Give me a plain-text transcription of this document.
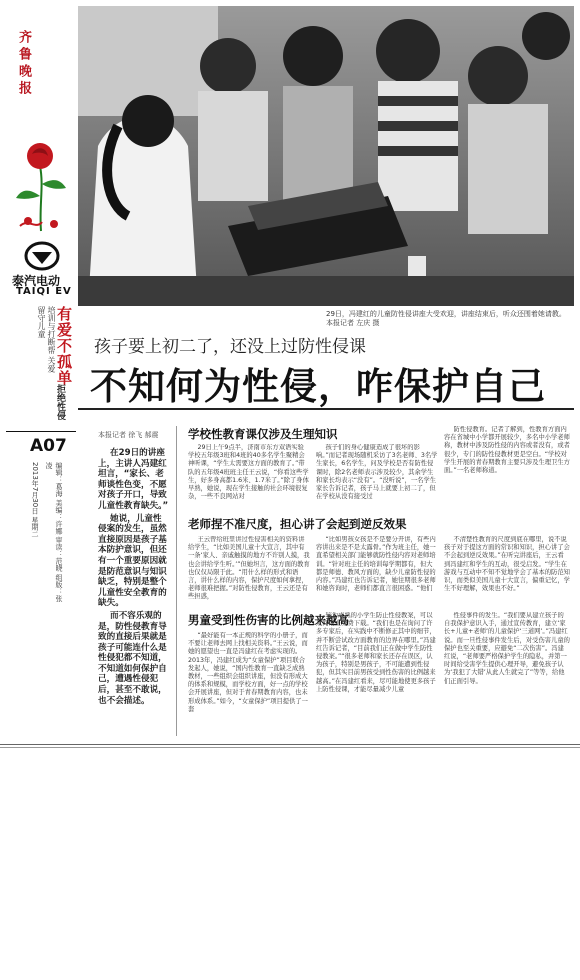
齐鲁晚报
泰汽电动
TAIQI EV
培训与打断帮 关爱留守儿童 有爱不孤单
拒绝性侵
A07
2013年7月30日 星期二	编辑：葛海 美编：许娜 审读：范晓 组版：张凌
29日，冯建红的儿童防性侵讲座大受欢迎，讲座结束后，听众还围着她请教。 本报记者 左庆 摄
孩子要上初二了，还没上过防性侵课
不知何为性侵，咋保护自己
本报记者 徐飞 郝震

在29日的讲座上，主讲人冯建红坦言，“家长、老师谈性色变，不愿对孩子开口，导致儿童性教育缺失。”

她说，儿童性侵案的发生，虽然直接原因是孩子基本防护意识，但还有一个重要原因就是防范意识与知识缺乏，特别是整个儿童性安全教育的缺失。

而不容乐观的是，防性侵教育导致的直接后果就是孩子可能连什么是性侵犯都不知道，不知道如何保护自己，遭遇性侵犯后，甚至不敢说，也不会描述。

学校性教育课仅涉及生理知识

29日上午9点半，济南市东方双语实验学校五年级3班和4班的40多名学生聚精会神听课，“学生太需要这方面的教育了。”带队的五年级4班班主任王云说，“你看这些学生，好多身高都1.6米、1.7米了。”除了身体早熟，她说，现在学生接触的社会环境很复杂，一些不良网站对

孩子们的身心健康造成了很坏的影响。”而记者现场随机采访了3名老师、3名学生家长，6名学生，问及学校是否有防性侵课时，除2名老师表示涉及较少，其余学生和家长均表示“没有”。“没听说”，一名学生家长告诉记者，孩子马上就要上初二了，但在学校从没有接受过

防性侵教育。记者了解到，性教育方面内容在省城中小学都开展较少，多名中小学老师称，教材中涉及防性侵的内容或者没有，或者很少，专门的防性侵教材更是空白。“学校对学生开展的青春期教育主要只涉及生理卫生方面。”一名老师称道。

老师捏不准尺度，担心讲了会起到逆反效果

王云曾给班里讲过性侵害相关的资料讲给学生，“比如美国儿童十大宣言，其中有一条‘家人、亲戚触摸的地方不许别人摸，我也会讲给学生听。’”但她坦言，这方面的教育也仅仅局限于此。“用什么样的形式和语言，讲什么样的内容，保护尺度如何拿捏，老师很难把握。”对防性侵教育，王云还是有些担惑，

“比如男孩女孩是不是要分开讲，有些内容讲出来是不是太露骨。”作为班主任，她一直希望相关部门能够就防性侵内容对老师培训。“针对班主任的培训每学期都有，但大都是师德、教风方面的，缺少儿童防性侵的内容。”冯建红也告诉记者，她往期很多老师和她咨询时，老师们都直言很困惑。“他们

不清楚性教育的尺度到底在哪里，说不说孩子对于提这方面的常识和知识，担心讲了会不会起到逆反效果。”在听完讲座后，王云看到冯建红和学生的互动，很受启发。“学生在游戏与互动中不知不觉地学会了基本的防范知识，而类似美国儿童十大宣言，偏重记忆，学生不好理解，效果也不好。”

男童受到性伤害的比例越来越高

“最好能有一本正规的科学的小册子，而不要让老师去网上找相关资料。”王云说，而她的愿望也一直是冯建红在考虑实现的。2013年，冯建红成为“女童保护”项目联合发起人，她说，“国内性教育一直缺乏成熟教材，一些组织会组织讲座，但没有形成大的体系和规模，而学校方面，好一点的学校会开展讲座，但对于青春期教育内容，也未形成体系。”如今，“女童保护”项目提供了一套

较为成熟的小学生防止性侵教案，可以从网络上免费下载。“我们也是在询问了许多专家后，在实践中不断修正其中的细节，并不断尝试改方面教育的边界在哪里。”冯建红告诉记者，“目前我们正在做中学生防性侵教案。”“很多老师和家长还存在误区，认为孩子，特别是男孩子，不可能遭到性侵犯，但其实目前男孩受到性伤害的比例越来越高。”在冯建红看来，尽可能地使更多孩子上防性侵课，才能尽量减少儿童

性侵事件的发生。“我们要从建立孩子的自我保护意识入手，通过宣传教育，建立‘家长+儿童+老师’的儿童保护‘三道网’。”冯建红说。而一旦性侵事件发生后，对受伤害儿童的保护也至关重要，应避免“二次伤害”。冯建红说，“老师要严格保护学生的隐私，并第一时间给受害学生提供心理开导，避免孩子认为‘我犯了大错’从此人生就完了”等等，给他们正面引导。
